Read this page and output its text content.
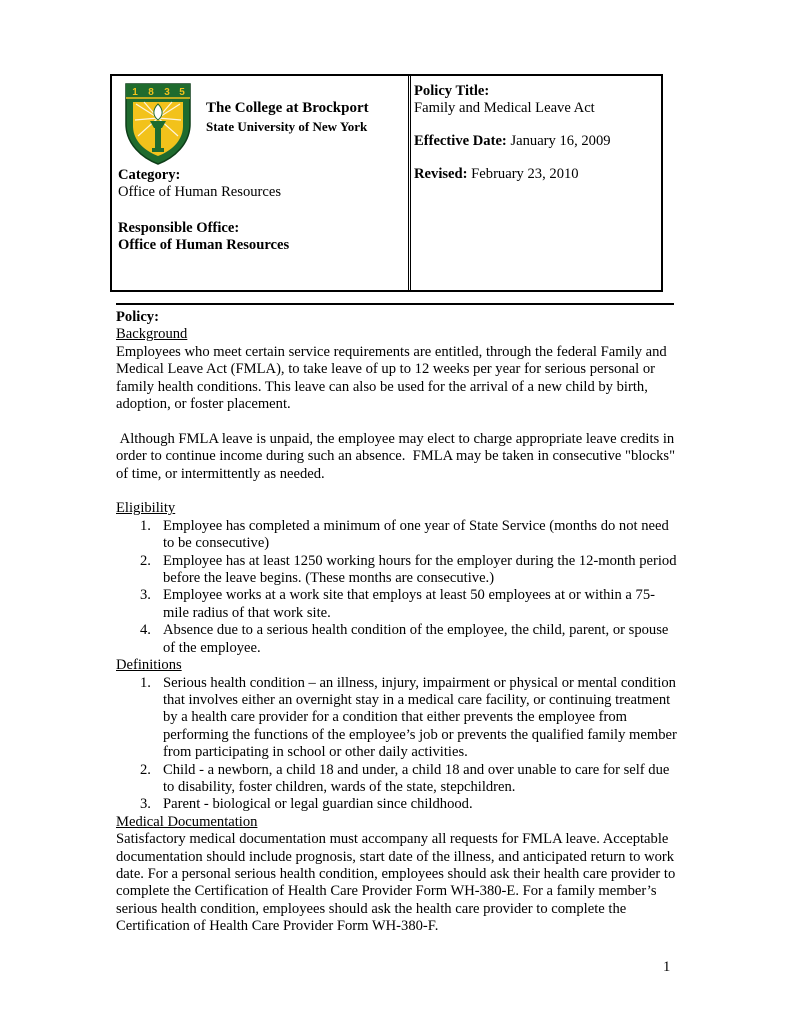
1 8 3 5
The College at Brockport
State University of New York
Category:
Office of Human Resources
Responsible Office:
Office of Human Resources
Policy Title:
Family and Medical Leave Act
Effective Date: January 16, 2009
Revised: February 23, 2010

Policy:

Background

Employees who meet certain service requirements are entitled, through the federal Family and Medical Leave Act (FMLA), to take leave of up to 12 weeks per year for serious personal or family health conditions. This leave can also be used for the arrival of a new child by birth, adoption, or foster placement.

Although FMLA leave is unpaid, the employee may elect to charge appropriate leave credits in order to continue income during such an absence.  FMLA may be taken in consecutive "blocks" of time, or intermittently as needed.

Eligibility

1. Employee has completed a minimum of one year of State Service (months do not need to be consecutive)
2. Employee has at least 1250 working hours for the employer during the 12-month period before the leave begins. (These months are consecutive.)
3. Employee works at a work site that employs at least 50 employees at or within a 75-mile radius of that work site.
4. Absence due to a serious health condition of the employee, the child, parent, or spouse of the employee.

Definitions

1. Serious health condition – an illness, injury, impairment or physical or mental condition that involves either an overnight stay in a medical care facility, or continuing treatment by a health care provider for a condition that either prevents the employee from performing the functions of the employee’s job or prevents the qualified family member from participating in school or other daily activities.
2. Child - a newborn, a child 18 and under, a child 18 and over unable to care for self due to disability, foster children, wards of the state, stepchildren.
3. Parent - biological or legal guardian since childhood.

Medical Documentation

Satisfactory medical documentation must accompany all requests for FMLA leave. Acceptable documentation should include prognosis, start date of the illness, and anticipated return to work date. For a personal serious health condition, employees should ask their health care provider to complete the Certification of Health Care Provider Form WH-380-E. For a family member’s serious health condition, employees should ask the health care provider to complete the Certification of Health Care Provider Form WH-380-F.

1
